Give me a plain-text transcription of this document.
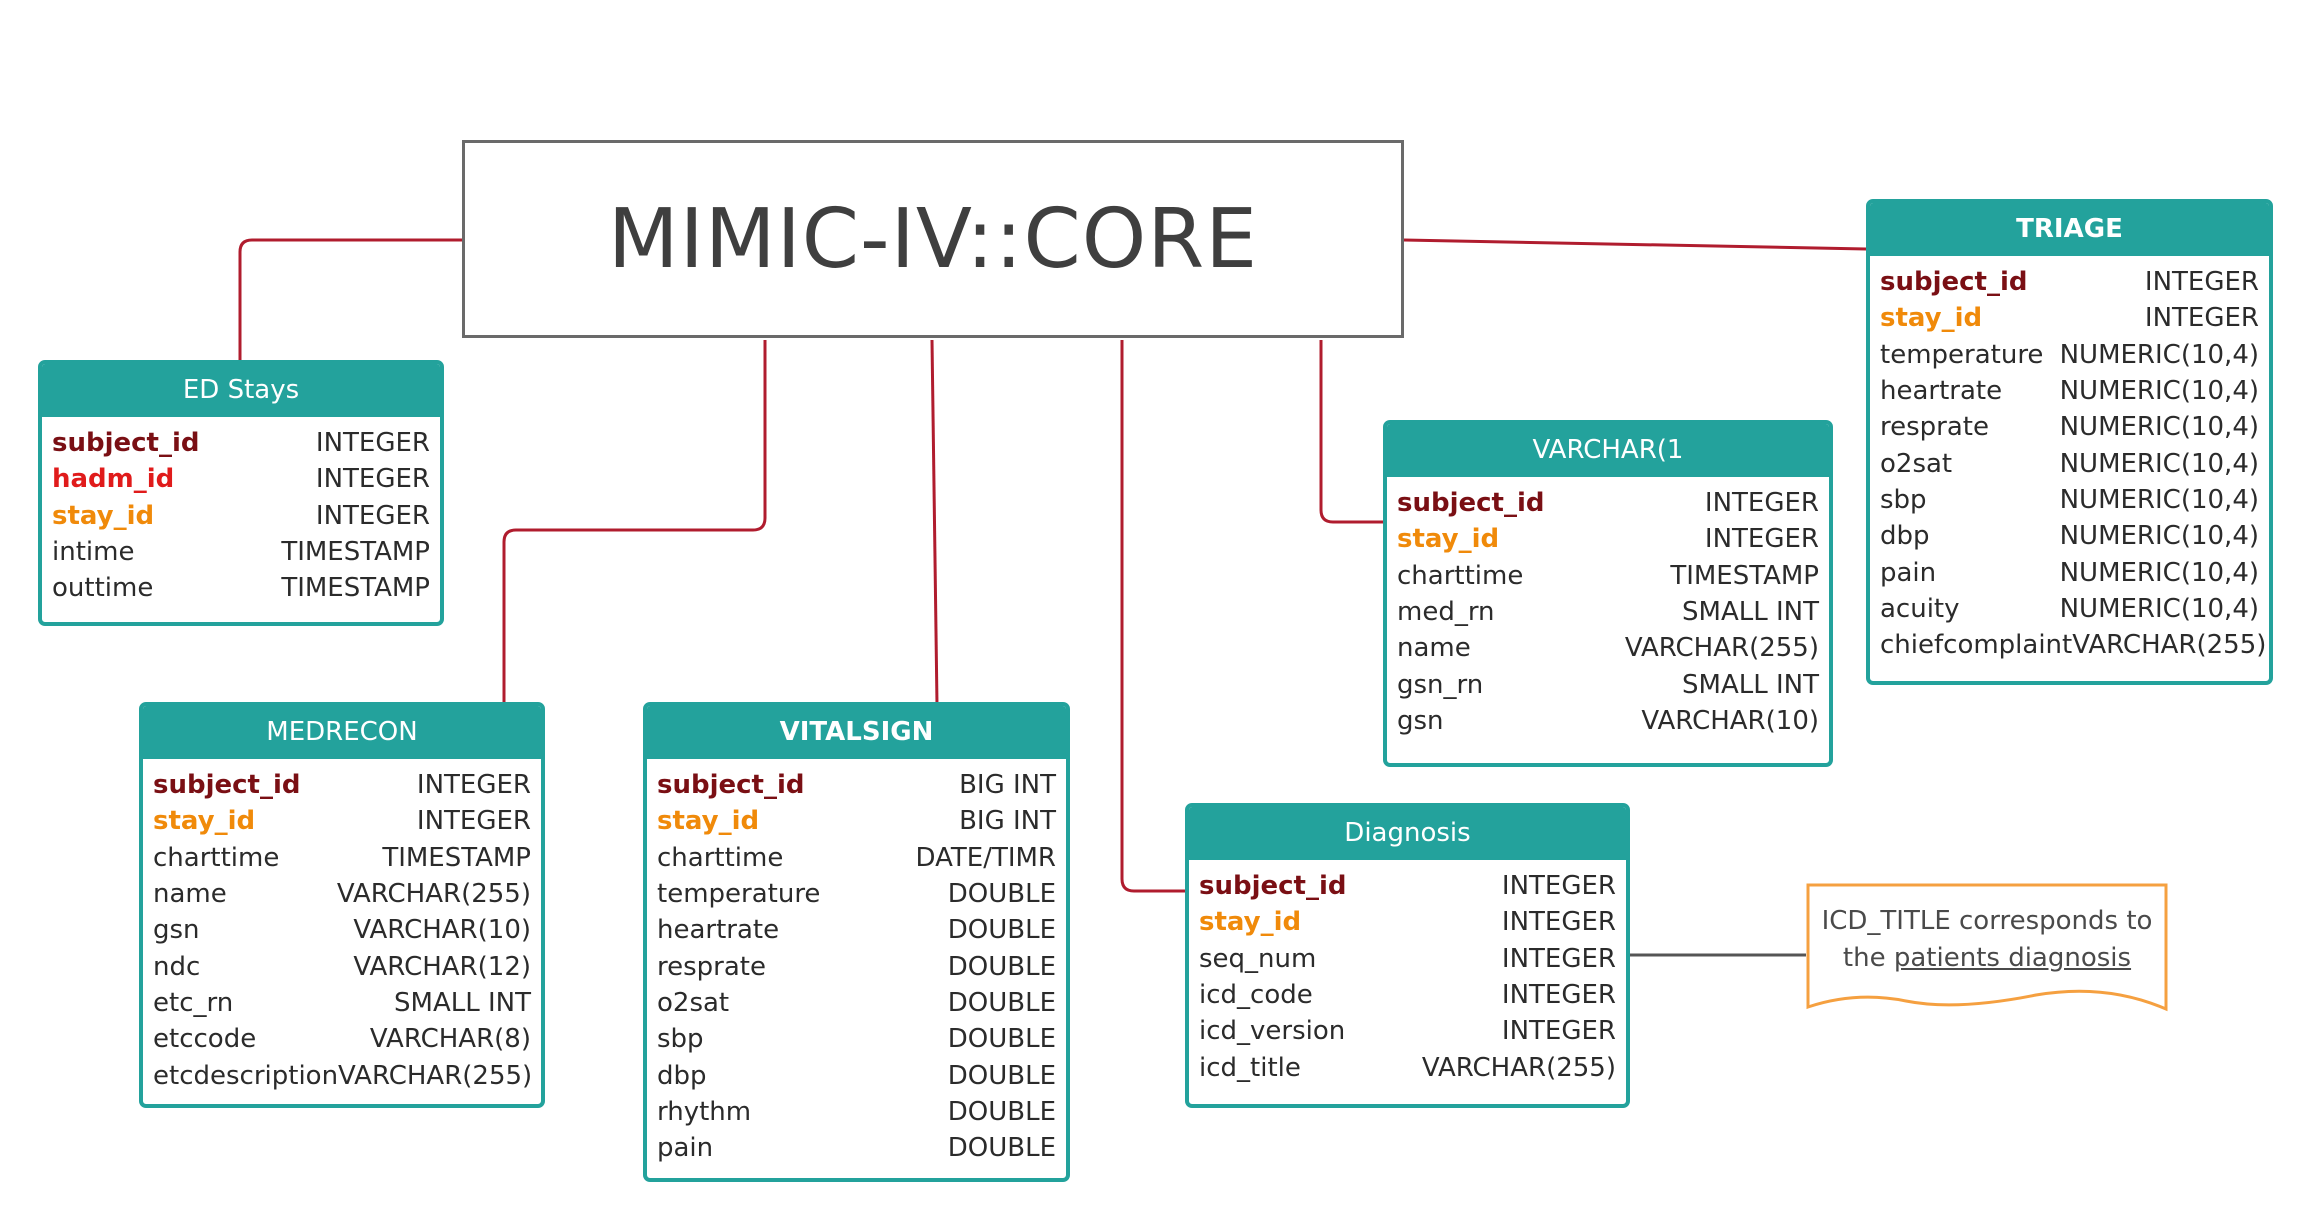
MIMIC-IV::CORE
ED Stays
subject_id	INTEGER
hadm_id	INTEGER
stay_id	INTEGER
intime	TIMESTAMP
outtime	TIMESTAMP
MEDRECON
subject_id	INTEGER
stay_id	INTEGER
charttime	TIMESTAMP
name	VARCHAR(255)
gsn	VARCHAR(10)
ndc	VARCHAR(12)
etc_rn	SMALL INT
etccode	VARCHAR(8)
etcdescription VARCHAR(255)
VITALSIGN
subject_id	BIG INT
stay_id	BIG INT
charttime	DATE/TIMR
temperature	DOUBLE
heartrate	DOUBLE
resprate	DOUBLE
o2sat	DOUBLE
sbp	DOUBLE
dbp	DOUBLE
rhythm	DOUBLE
pain	DOUBLE
VARCHAR(1
subject_id	INTEGER
stay_id	INTEGER
charttime	TIMESTAMP
med_rn	SMALL INT
name	VARCHAR(255)
gsn_rn	SMALL INT
gsn	VARCHAR(10)
TRIAGE
subject_id	INTEGER
stay_id	INTEGER
temperature NUMERIC(10,4)
heartrate NUMERIC(10,4)
resprate	NUMERIC(10,4)
o2sat	NUMERIC(10,4)
sbp	NUMERIC(10,4)
dbp	NUMERIC(10,4)
pain	NUMERIC(10,4)
acuity	NUMERIC(10,4)
chiefcomplaint VARCHAR(255)
Diagnosis
subject_id	INTEGER
stay_id	INTEGER
seq_num	INTEGER
icd_code	INTEGER
icd_version	INTEGER
icd_title	VARCHAR(255)
ICD_TITLE corresponds to
the patients diagnosis
